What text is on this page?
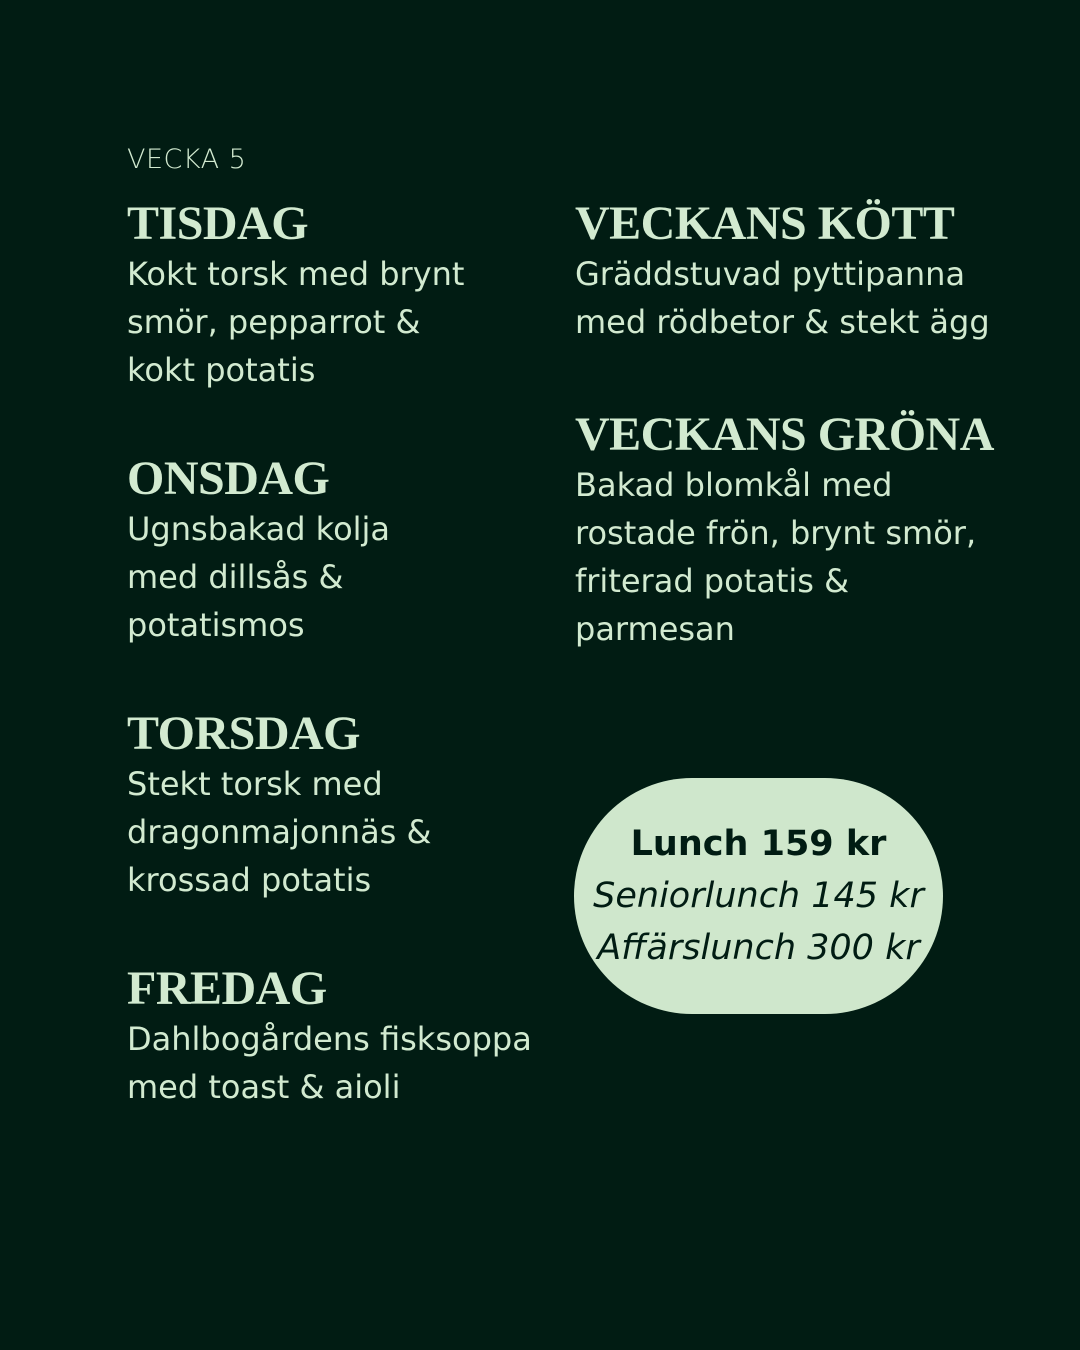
VECKA 5
TISDAG
Kokt torsk med brynt
smör, pepparrot &
kokt potatis
ONSDAG
Ugnsbakad kolja
med dillsås &
potatismos
TORSDAG
Stekt torsk med
dragonmajonnäs &
krossad potatis
FREDAG
Dahlbogårdens fisksoppa
med toast & aioli
VECKANS KÖTT
Gräddstuvad pyttipanna
med rödbetor & stekt ägg
VECKANS GRÖNA
Bakad blomkål med
rostade frön, brynt smör,
friterad potatis &
parmesan
Lunch 159 kr
Seniorlunch 145 kr
Affärslunch 300 kr
